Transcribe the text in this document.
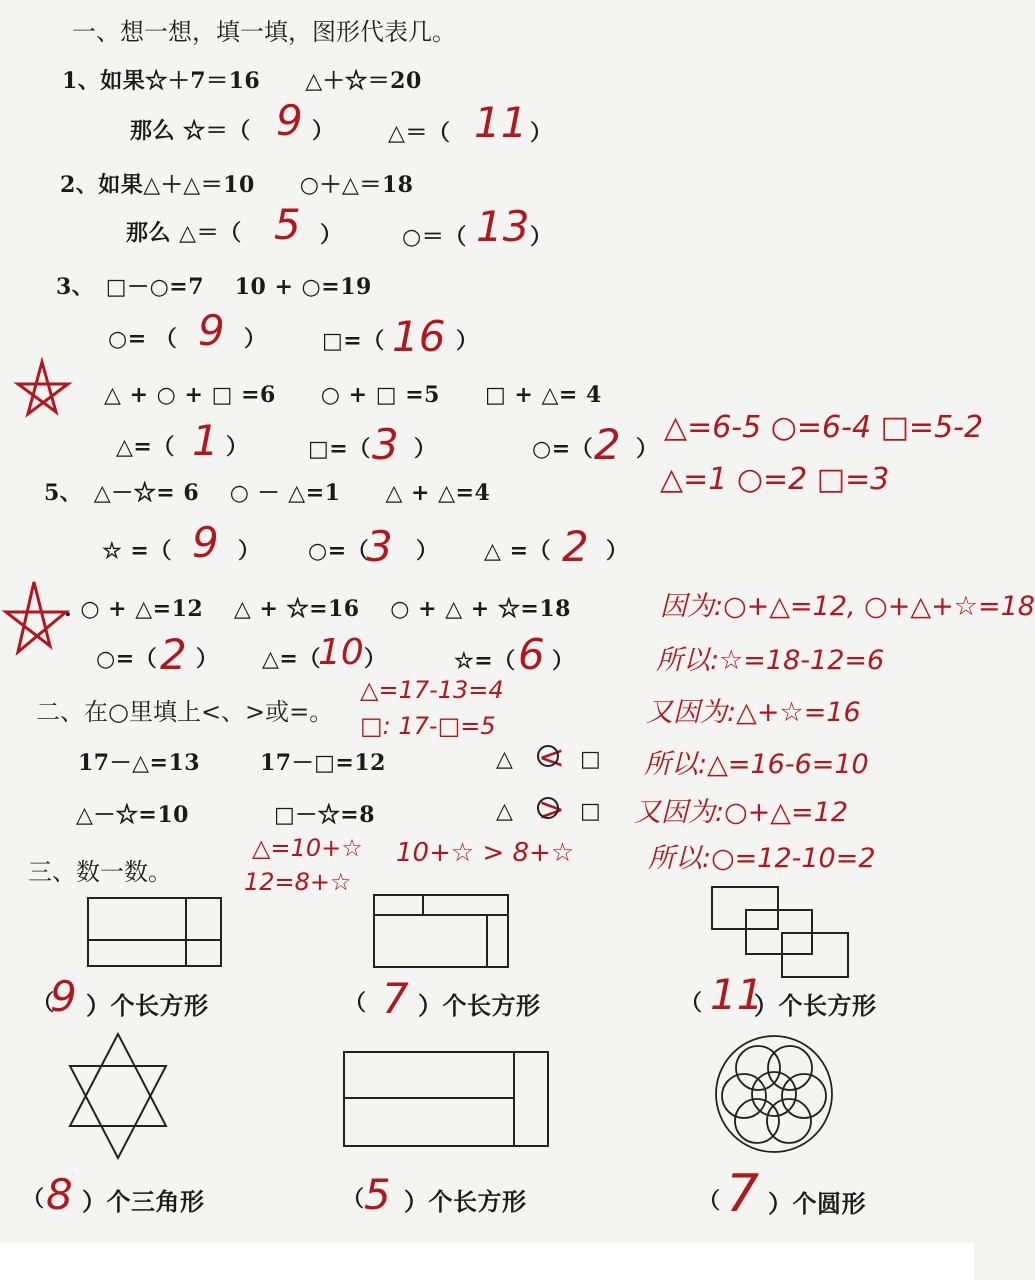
一、想一想，填一填，图形代表几。
1、如果☆＋7＝16　　△＋☆＝20
那么 ☆＝（ 9 ） △＝（ 11 ）
2、如果△＋△＝10　　○＋△＝18
那么 △＝（ 5 ）	○＝（ 13 ）
3、　□－○=7　 10 + ○=19
○= （ 9 ）	□=（ 16 ）
△ + ○ + □ =6　　○ + □ =5　　□ + △= 4
△=（ 1 ）	□=（ 3 ）	○=（ 2 ）
△=6-5 ○=6-4 □=5-2
△=1 ○=2 □=3
5、　△－☆= 6　 ○ － △=1　　△ + △=4
☆ =（ 9 ） ○=（
3 ） △ =（ 2 ）
. ○ + △=12　 △ + ☆=16　 ○ + △ + ☆=18
○=（ 2 ） △=（
10 ）	☆=（ 6 ）
因为:○+△=12, ○+△+☆=18
所以:☆=18-12=6
又因为:△+☆=16
所以:△=16-6=10
又因为:○+△=12
所以:○=12-10=2
二、在○里填上<、>或=。
△=17-13=4
□: 17-□=5
17－△=13	17－□=12	△ < □
△－☆=10	□－☆=8	△ > □
△=10+☆
12=8+☆
10+☆ > 8+☆
三、数一数。
（
9 ）个长方形	（ 7 ）个长方形	（ 11
）个长方形
（ 8 ）个三角形	（ 5 ）个长方形	（ 7 ）个圆形
